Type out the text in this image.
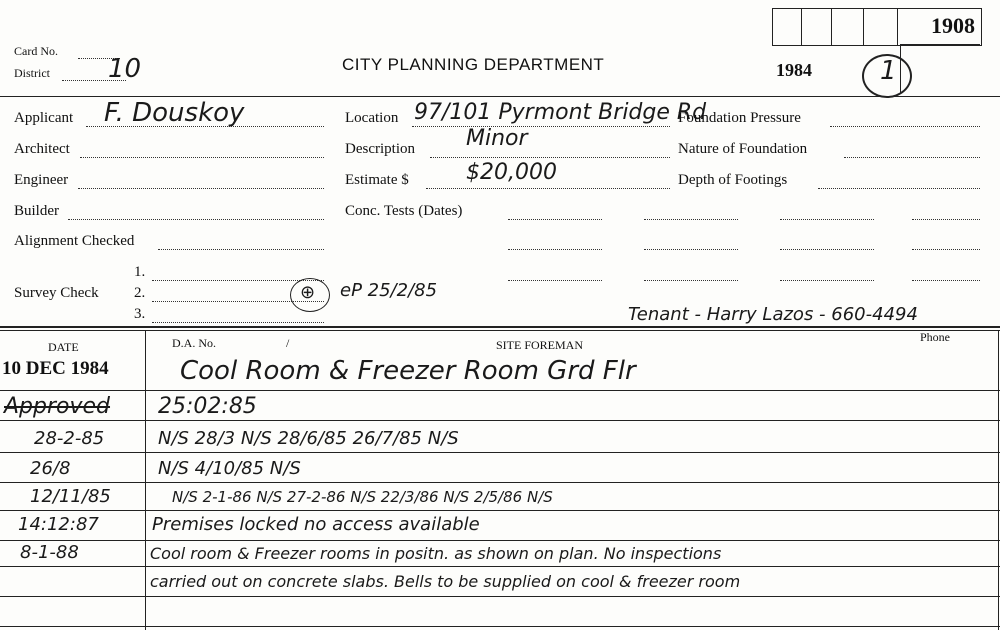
Card No.
District 10	CITY PLANNING DEPARTMENT
1908
1984	1
Applicant F. Douskoy
Architect
Engineer
Builder
Alignment Checked
1.
Survey Check 2.
3.
Location 97/101 Pyrmont Bridge Rd
Description Minor
Estimate $	$20,000
Conc. Tests (Dates)
Foundation Pressure
Nature of Foundation
Depth of Footings
⊕ eP 25/2/85
Tenant - Harry Lazos - 660-4494
DATE	D.A. No.	/	SITE FOREMAN
Phone
10 DEC 1984	Cool Room & Freezer Room Grd Flr
Approved 25:02:85
28-2-85	N/S 28/3 N/S 28/6/85 26/7/85 N/S
26/8	N/S 4/10/85 N/S
12/11/85	N/S 2-1-86 N/S 27-2-86 N/S 22/3/86 N/S 2/5/86 N/S
14:12:87	Premises locked no access available
8-1-88	Cool room & Freezer rooms in positn. as shown on plan. No inspections
carried out on concrete slabs. Bells to be supplied on cool & freezer room
